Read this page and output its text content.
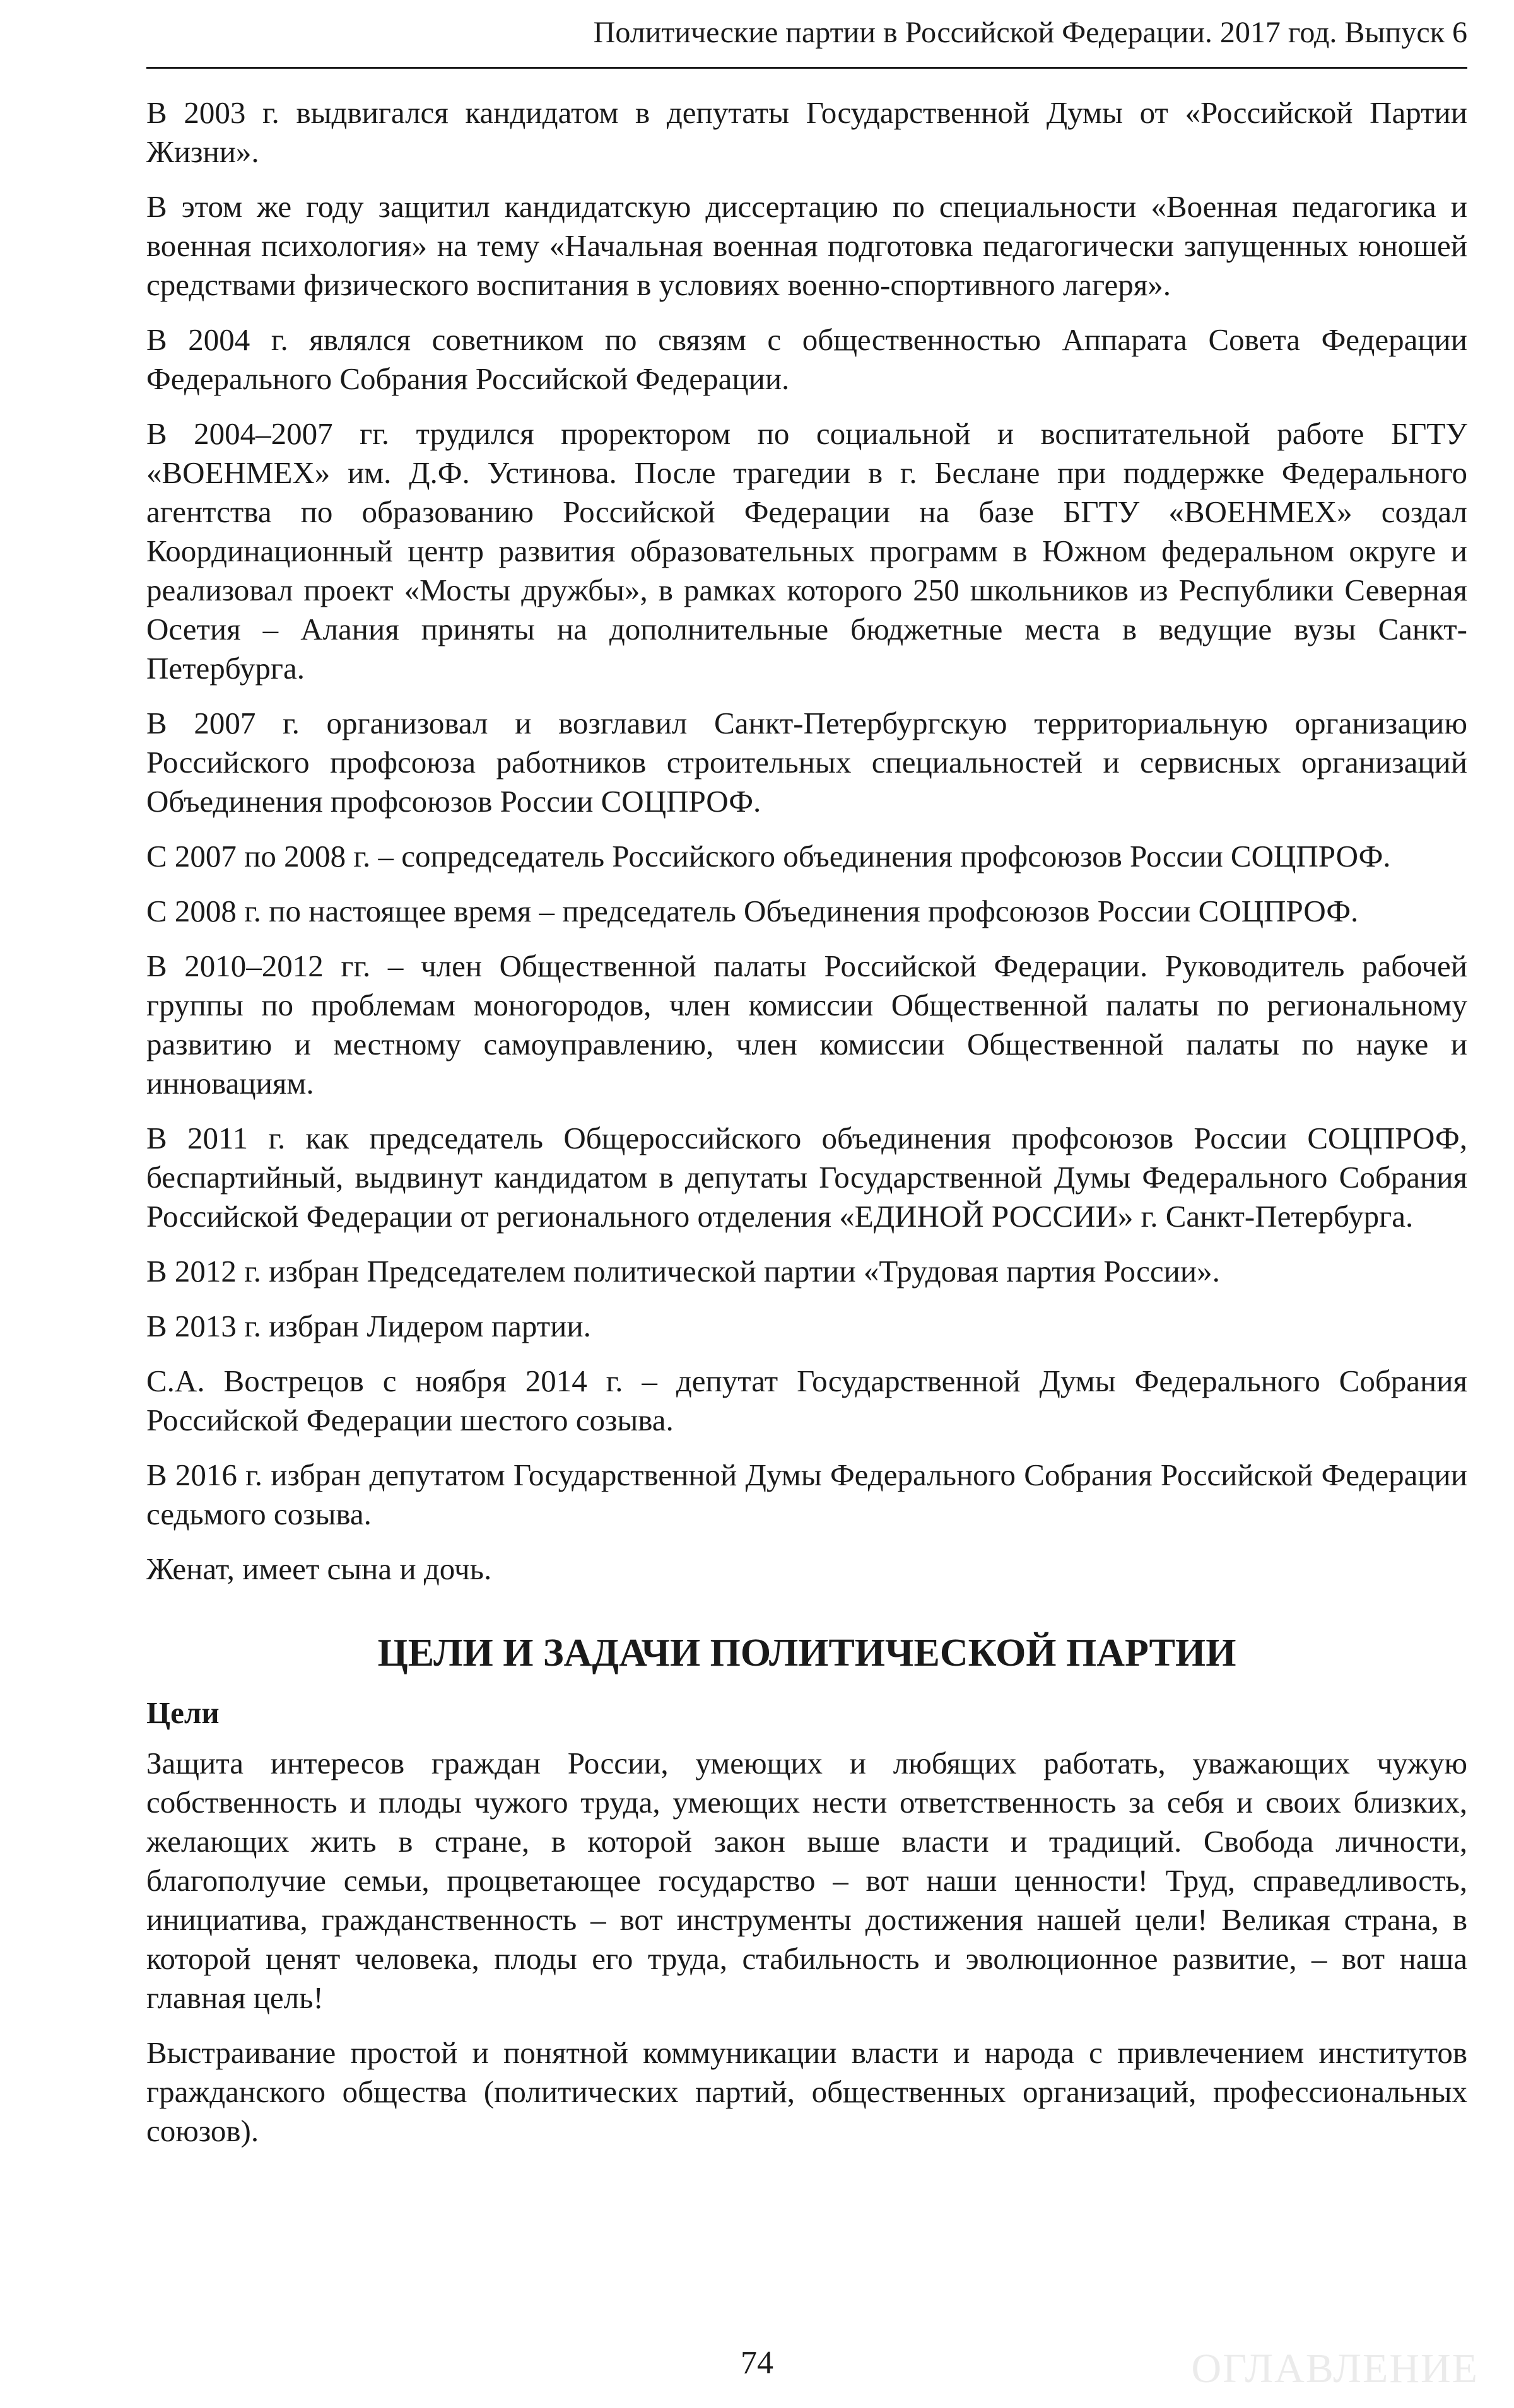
Политические партии в Российской Федерации. 2017 год. Выпуск 6

В 2003 г. выдвигался кандидатом в депутаты Государственной Думы от «Российской Партии Жизни».

В этом же году защитил кандидатскую диссертацию по специальности «Военная педагогика и военная психология» на тему «Начальная военная подготовка педагогически запущенных юношей средствами физического воспитания в условиях военно-спортивного лагеря».

В 2004 г. являлся советником по связям с общественностью Аппарата Совета Федерации Федерального Собрания Российской Федерации.

В 2004–2007 гг. трудился проректором по социальной и воспитательной работе БГТУ «ВОЕНМЕХ» им. Д.Ф. Устинова. После трагедии в г. Беслане при поддержке Федерального агентства по образованию Российской Федерации на базе БГТУ «ВОЕНМЕХ» создал Координационный центр развития образовательных программ в Южном федеральном округе и реализовал проект «Мосты дружбы», в рамках которого 250 школьников из Республики Северная Осетия – Алания приняты на дополнительные бюджетные места в ведущие вузы Санкт-Петербурга.

В 2007 г. организовал и возглавил Санкт-Петербургскую территориальную организацию Российского профсоюза работников строительных специальностей и сервисных организаций Объединения профсоюзов России СОЦПРОФ.

С 2007 по 2008 г. – сопредседатель Российского объединения профсоюзов России СОЦПРОФ.

С 2008 г. по настоящее время – председатель Объединения профсоюзов России СОЦПРОФ.

В 2010–2012 гг. – член Общественной палаты Российской Федерации. Руководитель рабочей группы по проблемам моногородов, член комиссии Общественной палаты по региональному развитию и местному самоуправлению, член комиссии Общественной палаты по науке и инновациям.

В 2011 г. как председатель Общероссийского объединения профсоюзов России СОЦПРОФ, беспартийный, выдвинут кандидатом в депутаты Государственной Думы Федерального Собрания Российской Федерации от регионального отделения «ЕДИНОЙ РОССИИ» г. Санкт-Петербурга.

В 2012 г. избран Председателем политической партии «Трудовая партия России».

В 2013 г. избран Лидером партии.

С.А. Вострецов с ноября 2014 г. – депутат Государственной Думы Федерального Собрания Российской Федерации шестого созыва.

В 2016 г. избран депутатом Государственной Думы Федерального Собрания Российской Федерации седьмого созыва.

Женат, имеет сына и дочь.

ЦЕЛИ И ЗАДАЧИ ПОЛИТИЧЕСКОЙ ПАРТИИ
Цели

Защита интересов граждан России, умеющих и любящих работать, уважающих чужую собственность и плоды чужого труда, умеющих нести ответственность за себя и своих близких, желающих жить в стране, в которой закон выше власти и традиций. Свобода личности, благополучие семьи, процветающее государство – вот наши ценности! Труд, справедливость, инициатива, гражданственность – вот инструменты достижения нашей цели! Великая страна, в которой ценят человека, плоды его труда, стабильность и эволюционное развитие, – вот наша главная цель!

Выстраивание простой и понятной коммуникации власти и народа с привлечением институтов гражданского общества (политических партий, общественных организаций, профессиональных союзов).

74	ОГЛАВЛЕНИЕ
